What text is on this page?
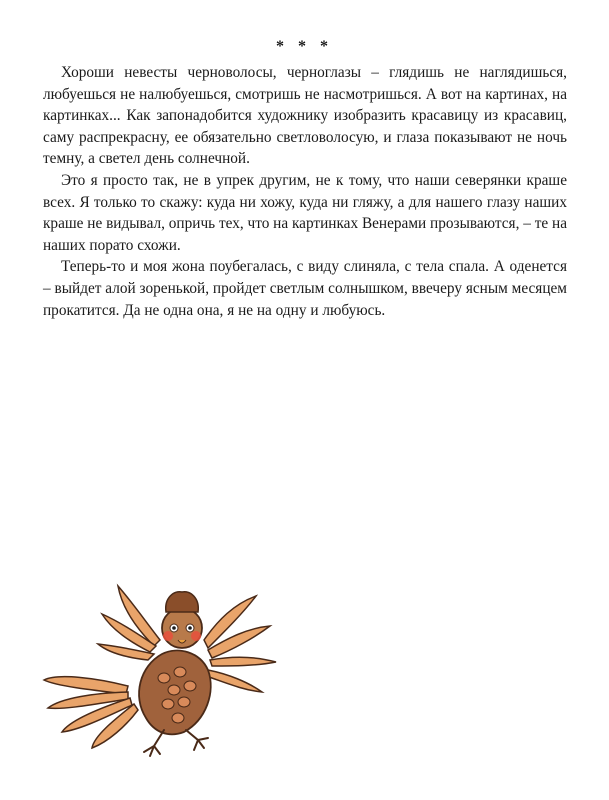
* * *

Хороши невесты черноволосы, черноглазы – глядишь не наглядишься, любуешься не налюбуешься, смотришь не насмотришься. А вот на картинах, на картинках... Как запонадобится художнику изобразить красавицу из красавиц, саму распрекрасну, ее обязательно светловолосую, и глаза показывают не ночь темну, а светел день солнечной.

Это я просто так, не в упрек другим, не к тому, что наши северянки краше всех. Я только то скажу: куда ни хожу, куда ни гляжу, а для нашего глазу наших краше не видывал, опричь тех, что на картинках Венерами прозываются, – те на наших порато схожи.

Теперь-то и моя жона поубегалась, с виду слиняла, с тела спала. А оденется – выйдет алой зоренькой, пройдет светлым солнышком, ввечеру ясным месяцем прокатится. Да не одна она, я не на одну и любуюсь.
